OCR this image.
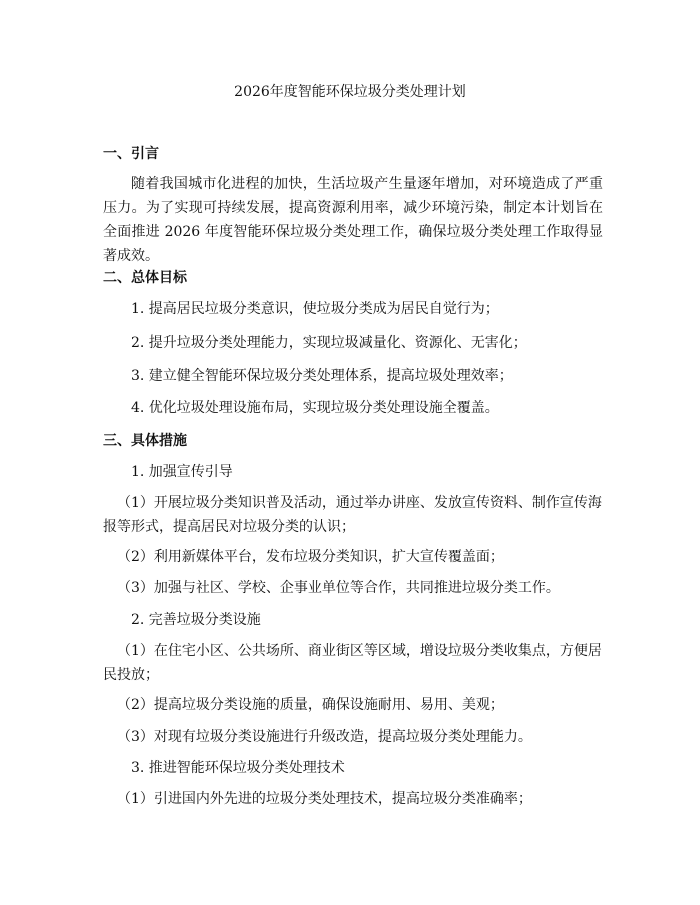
2026年度智能环保垃圾分类处理计划
一、引言
随着我国城市化进程的加快，生活垃圾产生量逐年增加，对环境造成了严重压力。为了实现可持续发展，提高资源利用率，减少环境污染，制定本计划旨在全面推进 2026 年度智能环保垃圾分类处理工作，确保垃圾分类处理工作取得显著成效。
二、总体目标
1. 提高居民垃圾分类意识，使垃圾分类成为居民自觉行为；
2. 提升垃圾分类处理能力，实现垃圾减量化、资源化、无害化；
3. 建立健全智能环保垃圾分类处理体系，提高垃圾处理效率；
4. 优化垃圾处理设施布局，实现垃圾分类处理设施全覆盖。
三、具体措施
1. 加强宣传引导
（1）开展垃圾分类知识普及活动，通过举办讲座、发放宣传资料、制作宣传海报等形式，提高居民对垃圾分类的认识；
（2）利用新媒体平台，发布垃圾分类知识，扩大宣传覆盖面；
（3）加强与社区、学校、企事业单位等合作，共同推进垃圾分类工作。
2. 完善垃圾分类设施
（1）在住宅小区、公共场所、商业街区等区域，增设垃圾分类收集点，方便居民投放；
（2）提高垃圾分类设施的质量，确保设施耐用、易用、美观；
（3）对现有垃圾分类设施进行升级改造，提高垃圾分类处理能力。
3. 推进智能环保垃圾分类处理技术
（1）引进国内外先进的垃圾分类处理技术，提高垃圾分类准确率；
